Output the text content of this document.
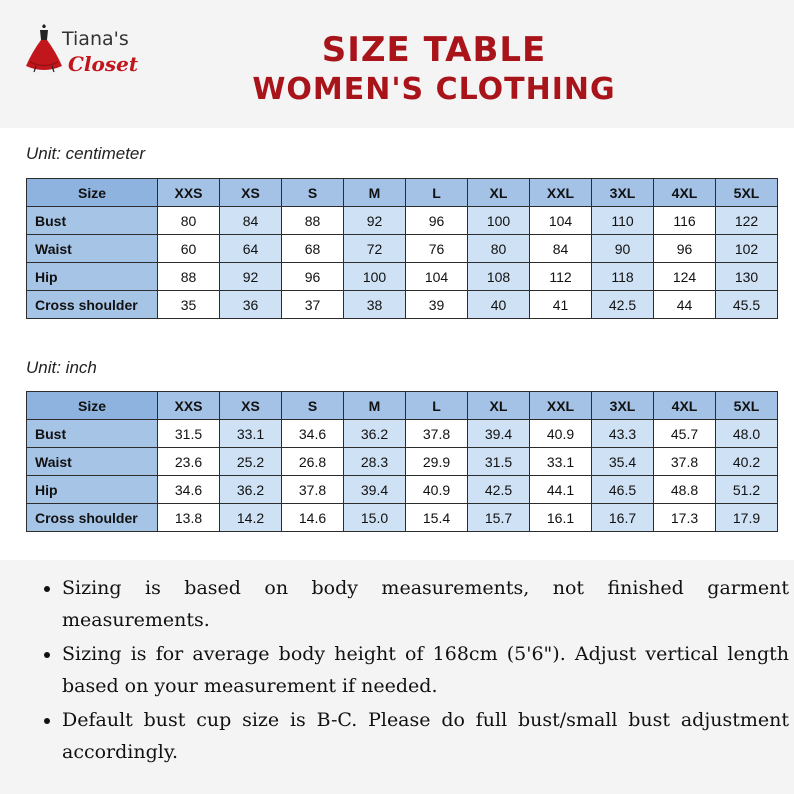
Tiana's
Closet	SIZE TABLE
WOMEN'S CLOTHING
Unit: centimeter
Size	XXS	XS	S	M	L	XL	XXL	3XL	4XL	5XL
Bust	80	84	88	92	96	100	104	110	116	122
Waist	60	64	68	72	76	80	84	90	96	102
Hip	88	92	96	100	104	108	112	118	124	130
Cross shoulder	35	36	37	38	39	40	41	42.5	44	45.5
Unit: inch
Size	XXS	XS	S	M	L	XL	XXL	3XL	4XL	5XL
Bust	31.5	33.1	34.6	36.2	37.8	39.4	40.9	43.3	45.7	48.0
Waist	23.6	25.2	26.8	28.3	29.9	31.5	33.1	35.4	37.8	40.2
Hip	34.6	36.2	37.8	39.4	40.9	42.5	44.1	46.5	48.8	51.2
Cross shoulder	13.8	14.2	14.6	15.0	15.4	15.7	16.1	16.7	17.3	17.9
• Sizing is based on body measurements, not finished garment measurements.
• Sizing is for average body height of 168cm (5'6"). Adjust vertical length based on your measurement if needed.
• Default bust cup size is B-C. Please do full bust/small bust adjustment accordingly.
